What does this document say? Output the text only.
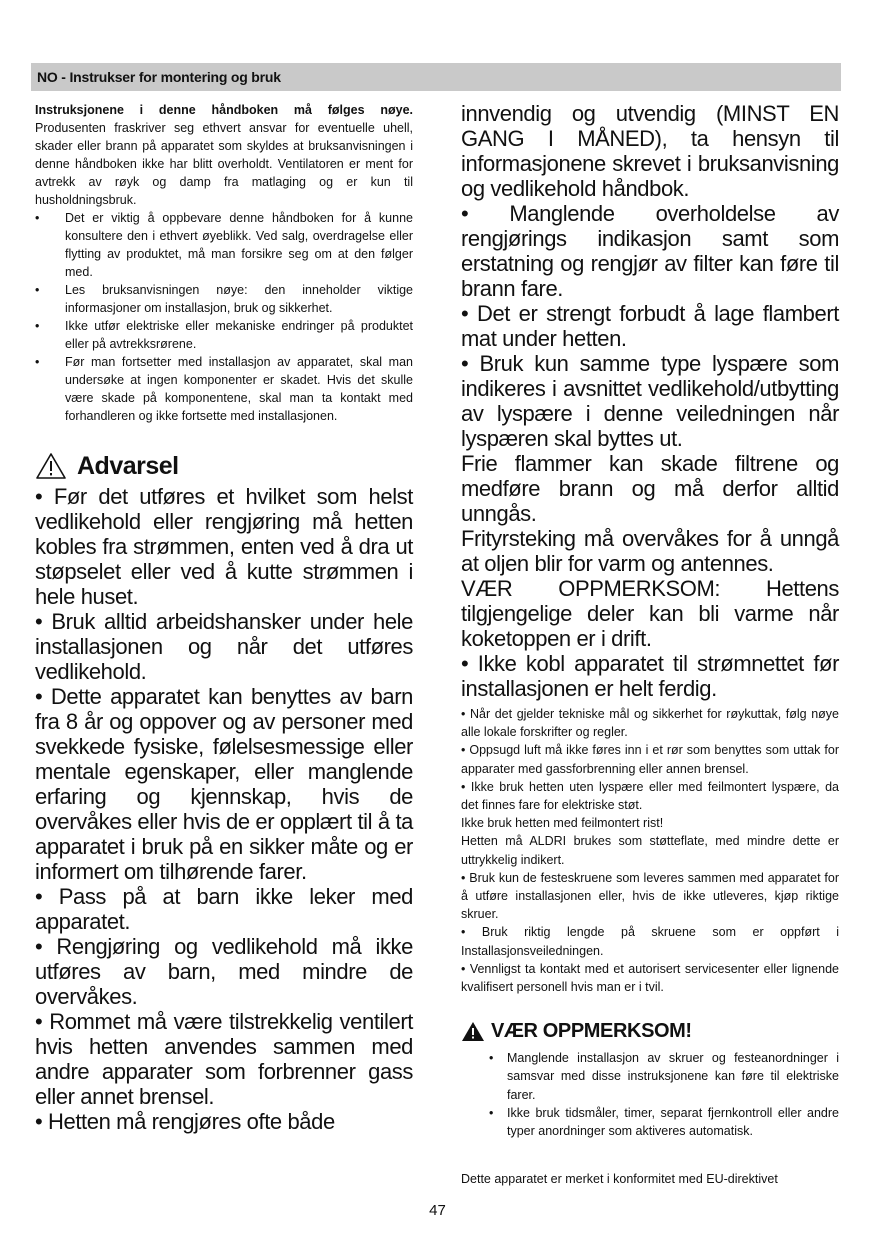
NO - Instrukser for montering og bruk

Instruksjonene i denne håndboken må følges nøye. Produsenten fraskriver seg ethvert ansvar for eventuelle uhell, skader eller brann på apparatet som skyldes at bruksanvisningen i denne håndboken ikke har blitt overholdt. Ventilatoren er ment for avtrekk av røyk og damp fra matlaging og er kun til husholdningsbruk.

• Det er viktig å oppbevare denne håndboken for å kunne konsultere den i ethvert øyeblikk. Ved salg, overdragelse eller flytting av produktet, må man forsikre seg om at den følger med.
• Les bruksanvisningen nøye: den inneholder viktige informasjoner om installasjon, bruk og sikkerhet.
• Ikke utfør elektriske eller mekaniske endringer på produktet eller på avtrekksrørene.
• Før man fortsetter med installasjon av apparatet, skal man undersøke at ingen komponenter er skadet. Hvis det skulle være skade på komponentene, skal man ta kontakt med forhandleren og ikke fortsette med installasjonen.
Advarsel

• Før det utføres et hvilket som helst vedlikehold eller rengjøring må hetten kobles fra strømmen, enten ved å dra ut støpselet eller ved å kutte strømmen i hele huset.

• Bruk alltid arbeidshansker under hele installasjonen og når det utføres vedlikehold.

• Dette apparatet kan benyttes av barn fra 8 år og oppover og av personer med svekkede fysiske, følelsesmessige eller mentale egenskaper, eller manglende erfaring og kjennskap, hvis de overvåkes eller hvis de er opplært til å ta apparatet i bruk på en sikker måte og er informert om tilhørende farer.

• Pass på at barn ikke leker med apparatet.

• Rengjøring og vedlikehold må ikke utføres av barn, med mindre de overvåkes.

• Rommet må være tilstrekkelig ventilert hvis hetten anvendes sammen med andre apparater som forbrenner gass eller annet brensel.

• Hetten må rengjøres ofte både

innvendig og utvendig (MINST EN GANG I MÅNED), ta hensyn til informasjonene skrevet i bruksanvisning og vedlikehold håndbok.

• Manglende overholdelse av rengjørings indikasjon samt som erstatning og rengjør av filter kan føre til brann fare.

• Det er strengt forbudt å lage flambert mat under hetten.

• Bruk kun samme type lyspære som indikeres i avsnittet vedlikehold/utbytting av lyspære i denne veiledningen når lyspæren skal byttes ut.

Frie flammer kan skade filtrene og medføre brann og må derfor alltid unngås.

Frityrsteking må overvåkes for å unngå at oljen blir for varm og antennes.

VÆR OPPMERKSOM: Hettens tilgjengelige deler kan bli varme når koketoppen er i drift.

• Ikke kobl apparatet til strømnettet før installasjonen er helt ferdig.

• Når det gjelder tekniske mål og sikkerhet for røykuttak, følg nøye alle lokale forskrifter og regler.

• Oppsugd luft må ikke føres inn i et rør som benyttes som uttak for apparater med gassforbrenning eller annen brensel.

• Ikke bruk hetten uten lyspære eller med feilmontert lyspære, da det finnes fare for elektriske støt.

Ikke bruk hetten med feilmontert rist!

Hetten må ALDRI brukes som støtteflate, med mindre dette er uttrykkelig indikert.

• Bruk kun de festeskruene som leveres sammen med apparatet for å utføre installasjonen eller, hvis de ikke utleveres, kjøp riktige skruer.

• Bruk riktig lengde på skruene som er oppført i Installasjonsveiledningen.

• Vennligst ta kontakt med et autorisert servicesenter eller lignende kvalifisert personell hvis man er i tvil.

VÆR OPPMERKSOM!
• Manglende installasjon av skruer og festeanordninger i samsvar med disse instruksjonene kan føre til elektriske farer.
• Ikke bruk tidsmåler, timer, separat fjernkontroll eller andre typer anordninger som aktiveres automatisk.

Dette apparatet er merket i konformitet med EU-direktivet

47
